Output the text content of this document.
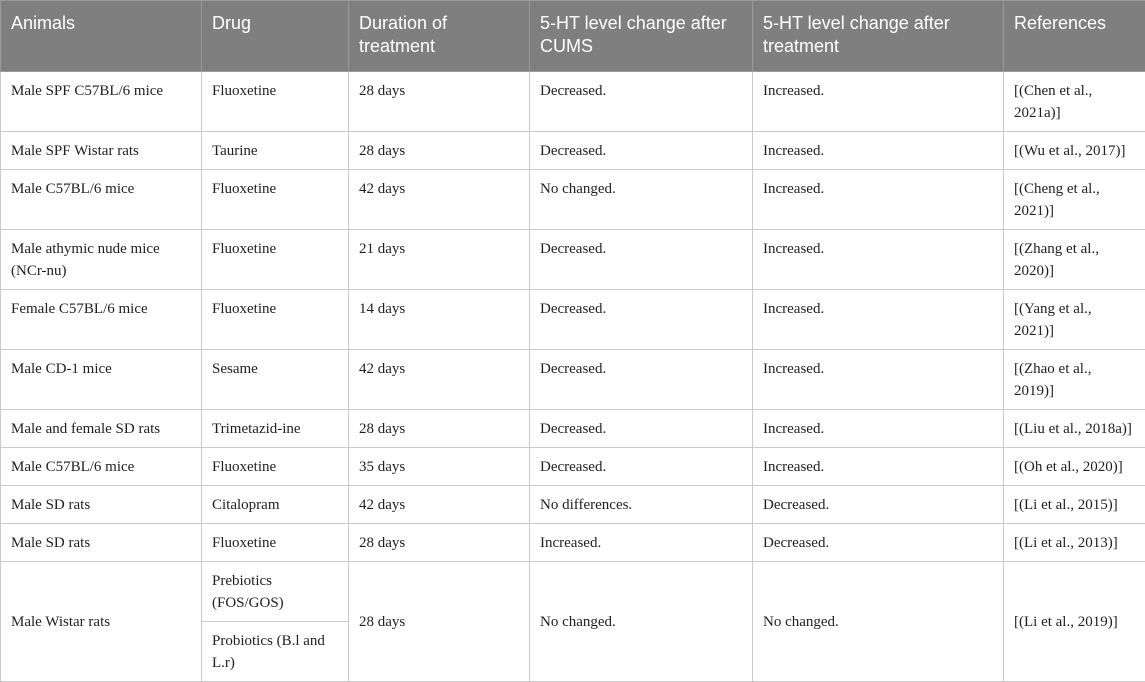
Animals	Drug	Duration of treatment	5-HT level change after CUMS	5-HT level change after treatment	References
Male SPF C57BL/6 mice	Fluoxetine	28 days	Decreased.	Increased.	[(Chen et al., 2021a)]
Male SPF Wistar rats	Taurine	28 days	Decreased.	Increased.	[(Wu et al., 2017)]
Male C57BL/6 mice	Fluoxetine	42 days	No changed.	Increased.	[(Cheng et al., 2021)]
Male athymic nude mice (NCr-nu)	Fluoxetine	21 days	Decreased.	Increased.	[(Zhang et al., 2020)]
Female C57BL/6 mice	Fluoxetine	14 days	Decreased.	Increased.	[(Yang et al., 2021)]
Male CD-1 mice	Sesame	42 days	Decreased.	Increased.	[(Zhao et al., 2019)]
Male and female SD rats	Trimetazid-ine	28 days	Decreased.	Increased.	[(Liu et al., 2018a)]
Male C57BL/6 mice	Fluoxetine	35 days	Decreased.	Increased.	[(Oh et al., 2020)]
Male SD rats	Citalopram	42 days	No differences.	Decreased.	[(Li et al., 2015)]
Male SD rats	Fluoxetine	28 days	Increased.	Decreased.	[(Li et al., 2013)]
Male Wistar rats	Prebiotics (FOS/GOS)	28 days	No changed.	No changed.	[(Li et al., 2019)]
	Probiotics (B.l and L.r)				
